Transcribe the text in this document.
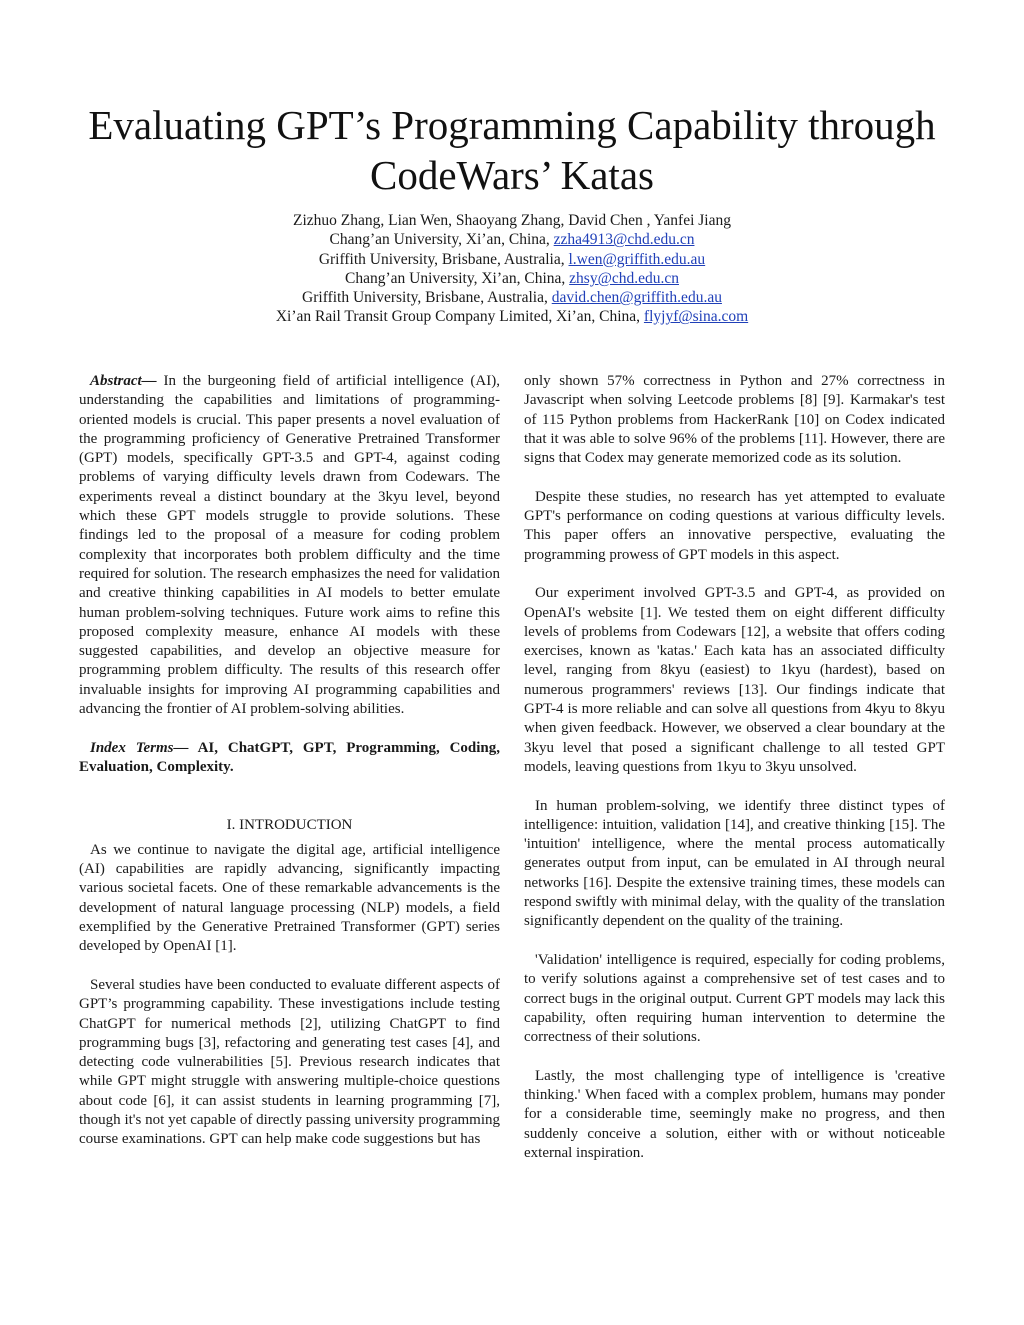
Evaluating GPT’s Programming Capability through
CodeWars’ Katas
Zizhuo Zhang, Lian Wen, Shaoyang Zhang, David Chen , Yanfei Jiang
Chang’an University, Xi’an, China, zzha4913@chd.edu.cn
Griffith University, Brisbane, Australia, l.wen@griffith.edu.au
Chang’an University, Xi’an, China, zhsy@chd.edu.cn
Griffith University, Brisbane, Australia, david.chen@griffith.edu.au
Xi’an Rail Transit Group Company Limited, Xi’an, China, flyjyf@sina.com

Abstract— In the burgeoning field of artificial intelligence (AI), understanding the capabilities and limitations of programming-oriented models is crucial. This paper presents a novel evaluation of the programming proficiency of Generative Pretrained Transformer (GPT) models, specifically GPT-3.5 and GPT-4, against coding problems of varying difficulty levels drawn from Codewars. The experiments reveal a distinct boundary at the 3kyu level, beyond which these GPT models struggle to provide solutions. These findings led to the proposal of a measure for coding problem complexity that incorporates both problem difficulty and the time required for solution. The research emphasizes the need for validation and creative thinking capabilities in AI models to better emulate human problem-solving techniques. Future work aims to refine this proposed complexity measure, enhance AI models with these suggested capabilities, and develop an objective measure for programming problem difficulty. The results of this research offer invaluable insights for improving AI programming capabilities and advancing the frontier of AI problem-solving abilities.

Index Terms— AI, ChatGPT, GPT, Programming, Coding, Evaluation, Complexity.

I. INTRODUCTION

As we continue to navigate the digital age, artificial intelligence (AI) capabilities are rapidly advancing, significantly impacting various societal facets. One of these remarkable advancements is the development of natural language processing (NLP) models, a field exemplified by the Generative Pretrained Transformer (GPT) series developed by OpenAI [1].

Several studies have been conducted to evaluate different aspects of GPT’s programming capability. These investigations include testing ChatGPT for numerical methods [2], utilizing ChatGPT to find programming bugs [3], refactoring and generating test cases [4], and detecting code vulnerabilities [5]. Previous research indicates that while GPT might struggle with answering multiple-choice questions about code [6], it can assist students in learning programming [7], though it's not yet capable of directly passing university programming course examinations. GPT can help make code suggestions but has

only shown 57% correctness in Python and 27% correctness in Javascript when solving Leetcode problems [8] [9]. Karmakar's test of 115 Python problems from HackerRank [10] on Codex indicated that it was able to solve 96% of the problems [11]. However, there are signs that Codex may generate memorized code as its solution.

Despite these studies, no research has yet attempted to evaluate GPT's performance on coding questions at various difficulty levels. This paper offers an innovative perspective, evaluating the programming prowess of GPT models in this aspect.

Our experiment involved GPT-3.5 and GPT-4, as provided on OpenAI's website [1]. We tested them on eight different difficulty levels of problems from Codewars [12], a website that offers coding exercises, known as 'katas.' Each kata has an associated difficulty level, ranging from 8kyu (easiest) to 1kyu (hardest), based on numerous programmers' reviews [13]. Our findings indicate that GPT-4 is more reliable and can solve all questions from 4kyu to 8kyu when given feedback. However, we observed a clear boundary at the 3kyu level that posed a significant challenge to all tested GPT models, leaving questions from 1kyu to 3kyu unsolved.

In human problem-solving, we identify three distinct types of intelligence: intuition, validation [14], and creative thinking [15]. The 'intuition' intelligence, where the mental process automatically generates output from input, can be emulated in AI through neural networks [16]. Despite the extensive training times, these models can respond swiftly with minimal delay, with the quality of the translation significantly dependent on the quality of the training.

'Validation' intelligence is required, especially for coding problems, to verify solutions against a comprehensive set of test cases and to correct bugs in the original output. Current GPT models may lack this capability, often requiring human intervention to determine the correctness of their solutions.

Lastly, the most challenging type of intelligence is 'creative thinking.' When faced with a complex problem, humans may ponder for a considerable time, seemingly make no progress, and then suddenly conceive a solution, either with or without noticeable external inspiration.
